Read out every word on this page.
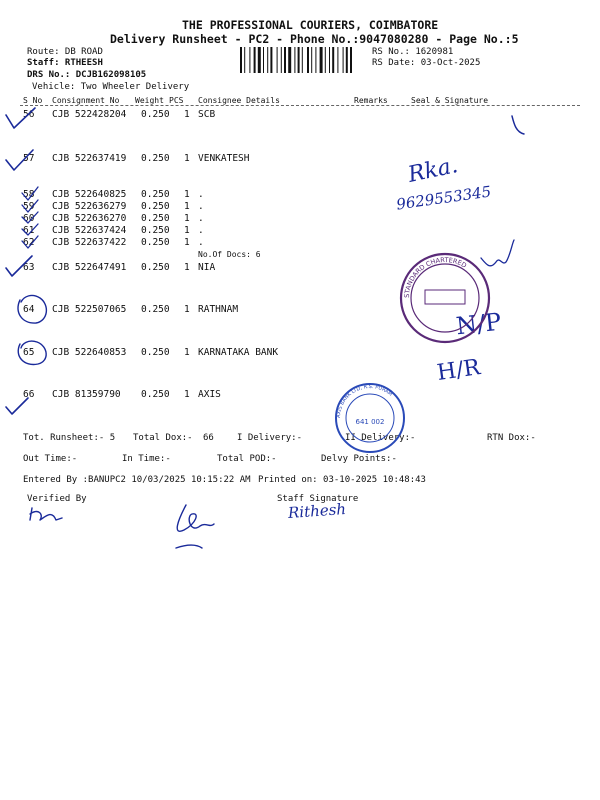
THE PROFESSIONAL COURIERS, COIMBATORE
Delivery Runsheet - PC2 - Phone No.:9047080280 - Page No.:5
Route: DB ROAD
Staff: RTHEESH
DRS No.: DCJB162098105
Vehicle: Two Wheeler Delivery
RS No.: 1620981
RS Date: 03-Oct-2025
S No Consignment No Weight PCS Consignee Details	Remarks	Seal & Signature
56 CJB 522428204 0.250 1 SCB
57 CJB 522637419 0.250 1 VENKATESH
58 CJB 522640825 0.250 1 .
59 CJB 522636279 0.250 1 .
60 CJB 522636270 0.250 1 .
61 CJB 522637424 0.250 1 .
62 CJB 522637422 0.250 1 .
63 CJB 522647491 0.250 1 NIA
64 CJB 522507065 0.250 1 RATHNAM
65 CJB 522640853 0.250 1 KARNATAKA BANK
66 CJB 81359790 0.250 1 AXIS
No.Of Docs: 6
Tot. Runsheet:- 5 Total Dox:- 66	I Delivery:-	II Delivery:-	RTN Dox:-
Out Time:-	In Time:-	Total POD:-	Delvy Points:-
Entered By :BANUPC2 10/03/2025 10:15:22 AM Printed on: 03-10-2025 10:48:43
Verified By	Staff Signature
Rka.
9629553345
N/P
H/R
Rithesh
STANDARD CHARTERED
AXIS BANK LTD, R.S. PURAM
641 002
